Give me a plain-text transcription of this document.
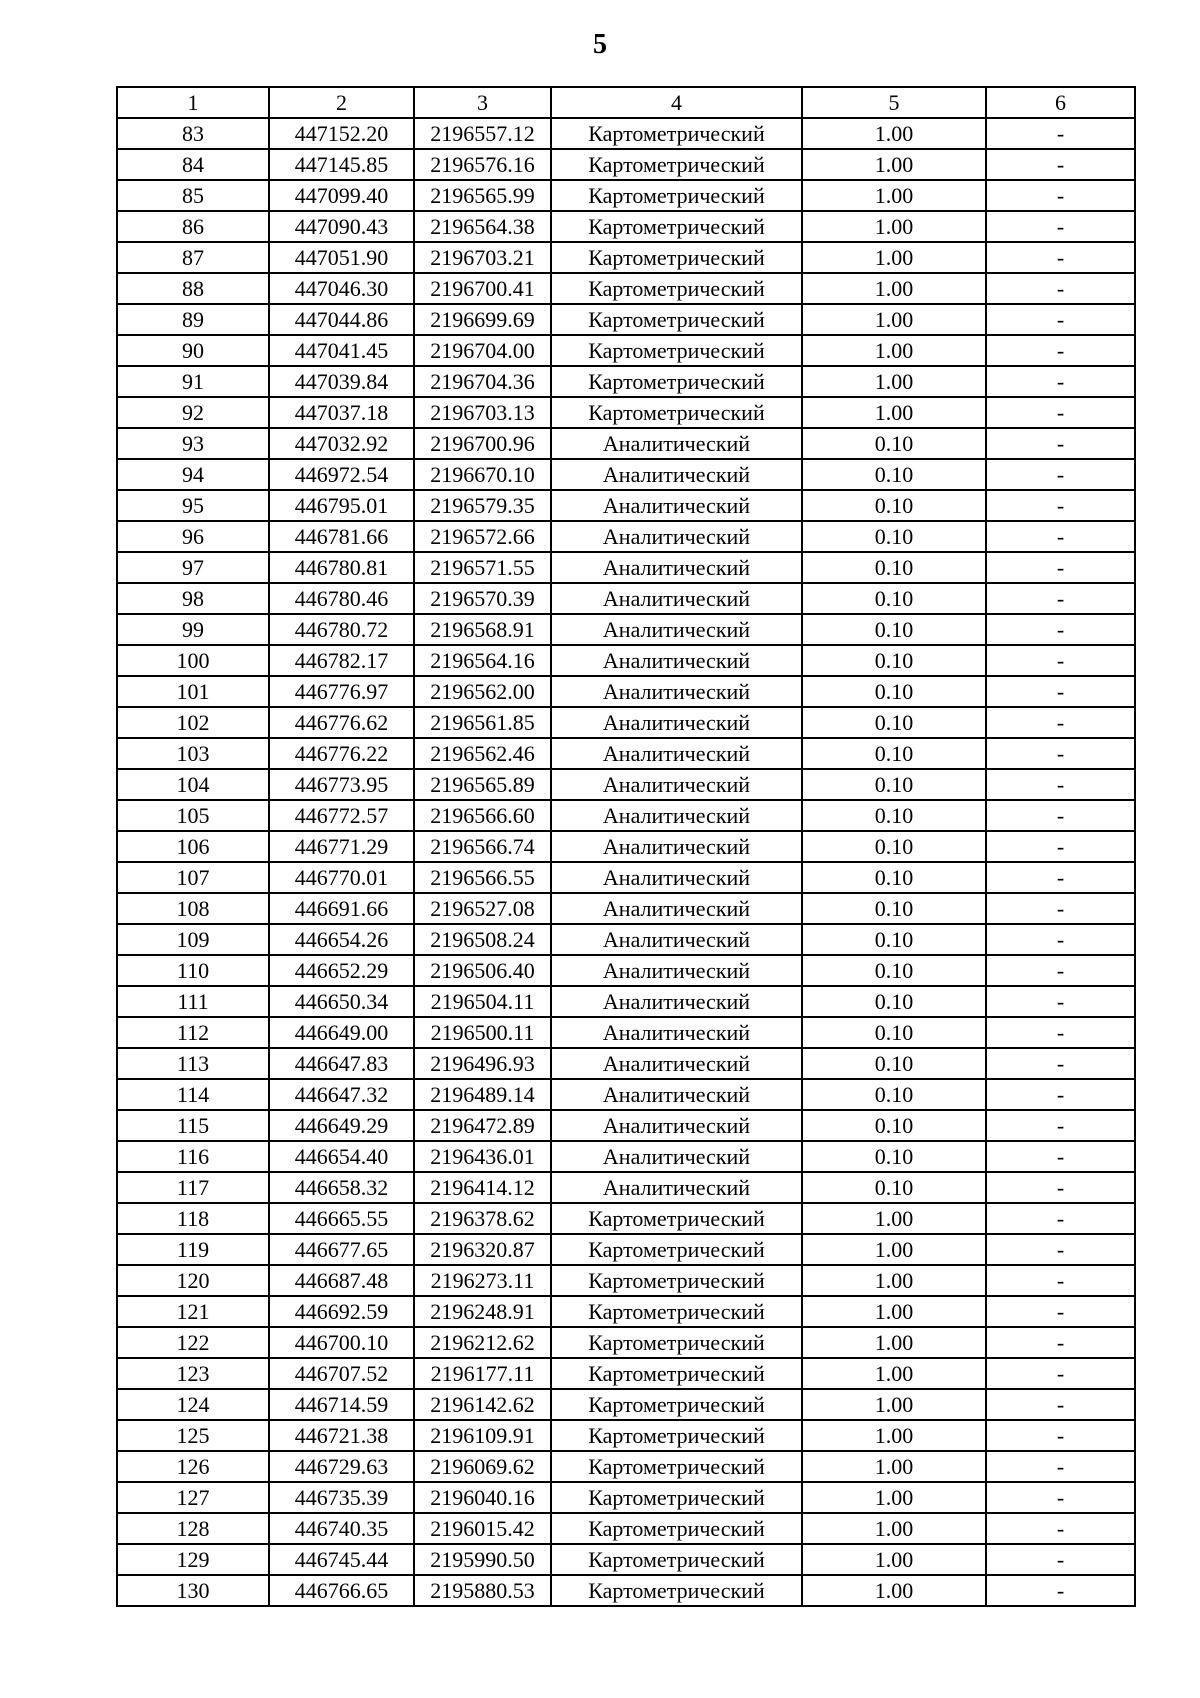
5
1	2	3	4	5	6
83	447152.20	2196557.12	Картометрический	1.00	-
84	447145.85	2196576.16	Картометрический	1.00	-
85	447099.40	2196565.99	Картометрический	1.00	-
86	447090.43	2196564.38	Картометрический	1.00	-
87	447051.90	2196703.21	Картометрический	1.00	-
88	447046.30	2196700.41	Картометрический	1.00	-
89	447044.86	2196699.69	Картометрический	1.00	-
90	447041.45	2196704.00	Картометрический	1.00	-
91	447039.84	2196704.36	Картометрический	1.00	-
92	447037.18	2196703.13	Картометрический	1.00	-
93	447032.92	2196700.96	Аналитический	0.10	-
94	446972.54	2196670.10	Аналитический	0.10	-
95	446795.01	2196579.35	Аналитический	0.10	-
96	446781.66	2196572.66	Аналитический	0.10	-
97	446780.81	2196571.55	Аналитический	0.10	-
98	446780.46	2196570.39	Аналитический	0.10	-
99	446780.72	2196568.91	Аналитический	0.10	-
100	446782.17	2196564.16	Аналитический	0.10	-
101	446776.97	2196562.00	Аналитический	0.10	-
102	446776.62	2196561.85	Аналитический	0.10	-
103	446776.22	2196562.46	Аналитический	0.10	-
104	446773.95	2196565.89	Аналитический	0.10	-
105	446772.57	2196566.60	Аналитический	0.10	-
106	446771.29	2196566.74	Аналитический	0.10	-
107	446770.01	2196566.55	Аналитический	0.10	-
108	446691.66	2196527.08	Аналитический	0.10	-
109	446654.26	2196508.24	Аналитический	0.10	-
110	446652.29	2196506.40	Аналитический	0.10	-
111	446650.34	2196504.11	Аналитический	0.10	-
112	446649.00	2196500.11	Аналитический	0.10	-
113	446647.83	2196496.93	Аналитический	0.10	-
114	446647.32	2196489.14	Аналитический	0.10	-
115	446649.29	2196472.89	Аналитический	0.10	-
116	446654.40	2196436.01	Аналитический	0.10	-
117	446658.32	2196414.12	Аналитический	0.10	-
118	446665.55	2196378.62	Картометрический	1.00	-
119	446677.65	2196320.87	Картометрический	1.00	-
120	446687.48	2196273.11	Картометрический	1.00	-
121	446692.59	2196248.91	Картометрический	1.00	-
122	446700.10	2196212.62	Картометрический	1.00	-
123	446707.52	2196177.11	Картометрический	1.00	-
124	446714.59	2196142.62	Картометрический	1.00	-
125	446721.38	2196109.91	Картометрический	1.00	-
126	446729.63	2196069.62	Картометрический	1.00	-
127	446735.39	2196040.16	Картометрический	1.00	-
128	446740.35	2196015.42	Картометрический	1.00	-
129	446745.44	2195990.50	Картометрический	1.00	-
130	446766.65	2195880.53	Картометрический	1.00	-
